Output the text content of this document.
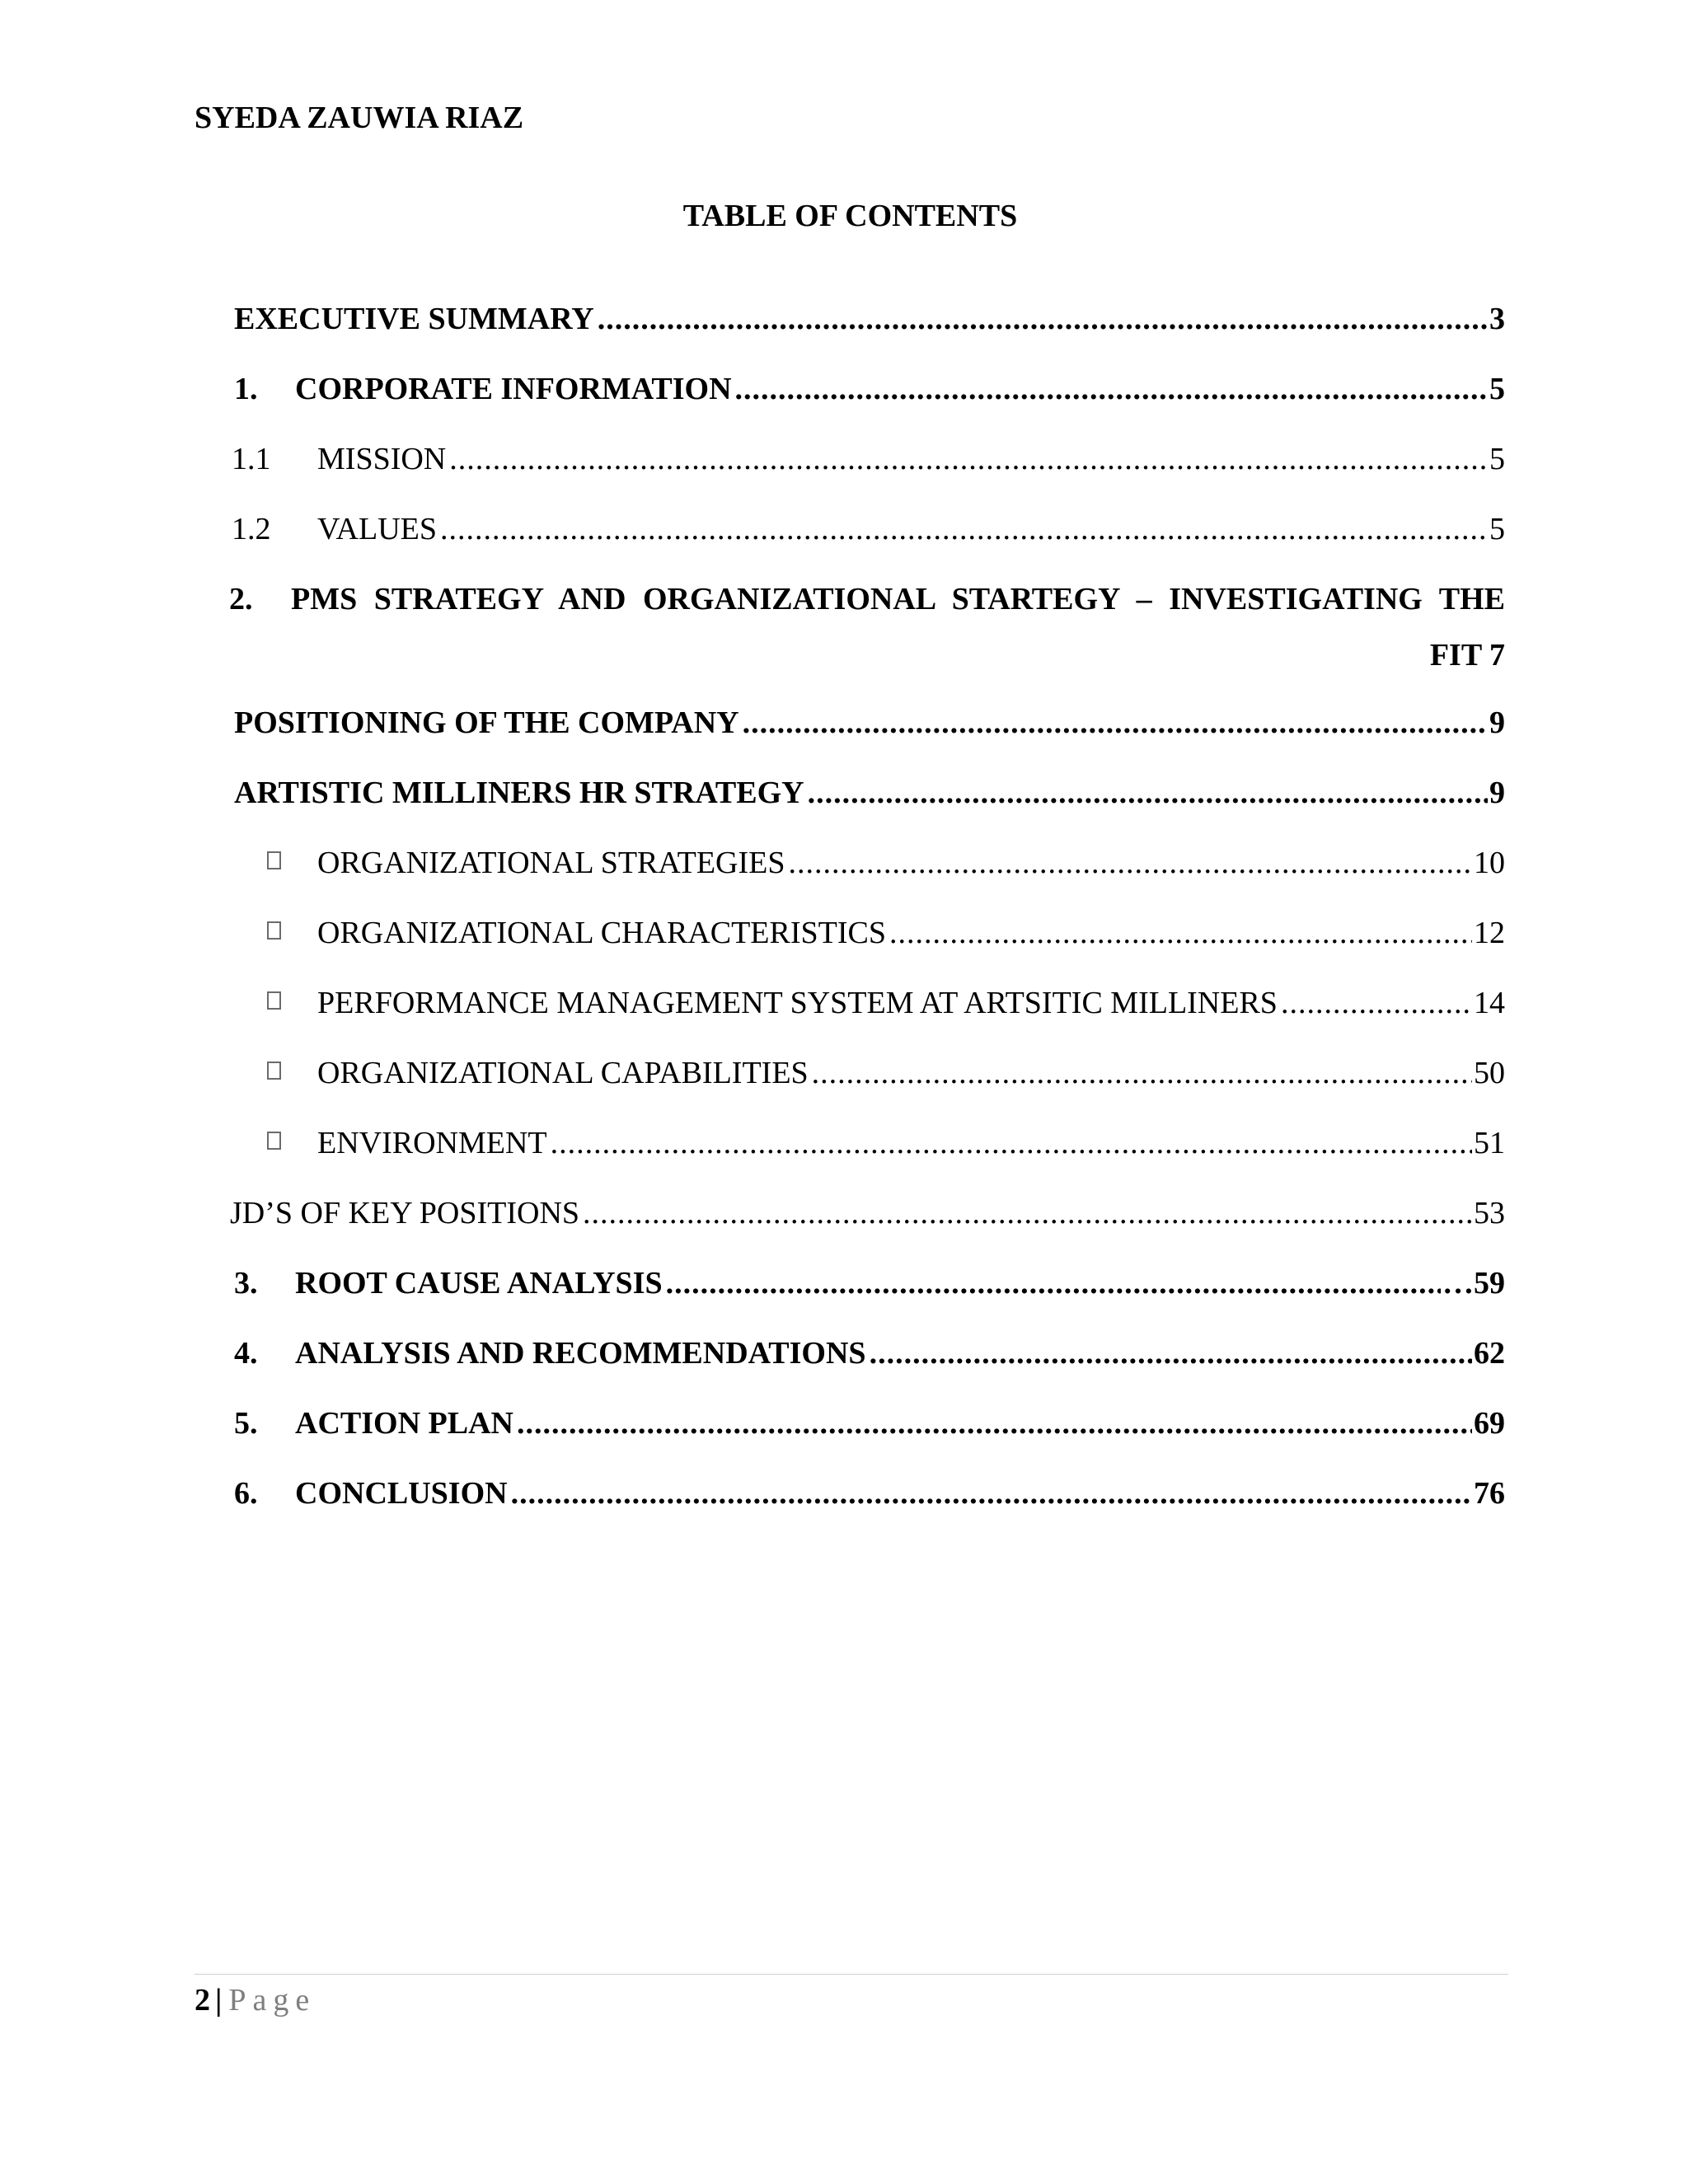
SYEDA ZAUWIA RIAZ
TABLE OF CONTENTS
EXECUTIVE SUMMARY .....	3
1. CORPORATE INFORMATION .....	5
1.1 MISSION .....	5
1.2 VALUES .....	5
2. PMS STRATEGY AND ORGANIZATIONAL STARTEGY – INVESTIGATING THE
FIT 7
POSITIONING OF THE COMPANY .....	9
ARTISTIC MILLINERS HR STRATEGY .....	9
ORGANIZATIONAL STRATEGIES .....	10
ORGANIZATIONAL CHARACTERISTICS .....	12
PERFORMANCE MANAGEMENT SYSTEM AT ARTSITIC MILLINERS .....	14
ORGANIZATIONAL CAPABILITIES .....	50
ENVIRONMENT .....	51
JD’S OF KEY POSITIONS .....	53
3. ROOT CAUSE ANALYSIS .....	…59
4. ANALYSIS AND RECOMMENDATIONS .....	62
5. ACTION PLAN .....	69
6. CONCLUSION .....	76
2 | Page
